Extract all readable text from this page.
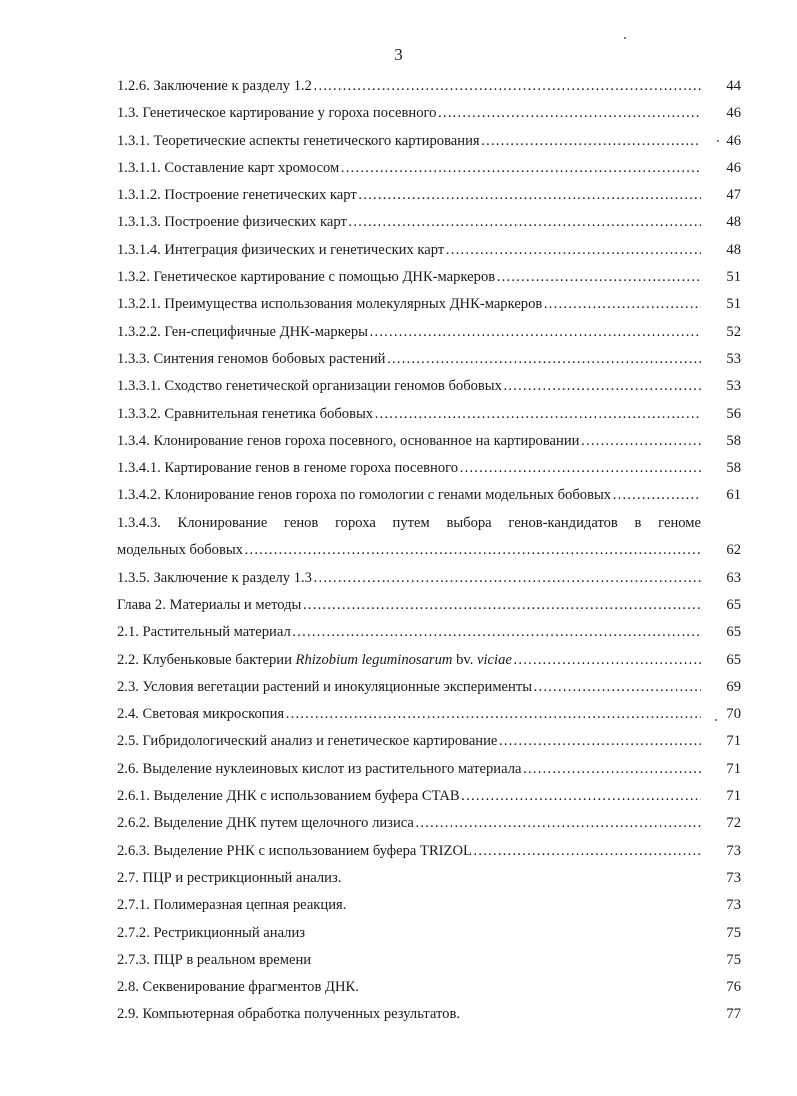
3
1.2.6. Заключение к разделу 1.2 ……………………………………………………………………………………………………………………………………………………………………………	44
1.3. Генетическое картирование у гороха посевного ……………………………………………………………………………………………………………………………………………………………………………	46
1.3.1. Теоретические аспекты генетического картирования ……………………………………………………………………………………………………………………………………………………………………………	46
1.3.1.1. Составление карт хромосом ……………………………………………………………………………………………………………………………………………………………………………	46
1.3.1.2. Построение генетических карт ……………………………………………………………………………………………………………………………………………………………………………	47
1.3.1.3. Построение физических карт ……………………………………………………………………………………………………………………………………………………………………………	48
1.3.1.4. Интеграция физических и генетических карт ……………………………………………………………………………………………………………………………………………………………………………	48
1.3.2. Генетическое картирование с помощью ДНК-маркеров ……………………………………………………………………………………………………………………………………………………………………………	51
1.3.2.1. Преимущества использования молекулярных ДНК-маркеров ……………………………………………………………………………………………………………………………………………………………………………	51
1.3.2.2. Ген-специфичные ДНК-маркеры ……………………………………………………………………………………………………………………………………………………………………………	52
1.3.3. Синтения геномов бобовых растений ……………………………………………………………………………………………………………………………………………………………………………	53
1.3.3.1. Сходство генетической организации геномов бобовых ……………………………………………………………………………………………………………………………………………………………………………	53
1.3.3.2. Сравнительная генетика бобовых ……………………………………………………………………………………………………………………………………………………………………………	56
1.3.4. Клонирование генов гороха посевного, основанное на картировании ……………………………………………………………………………………………………………………………………………………………………………	58
1.3.4.1. Картирование генов в геноме гороха посевного ……………………………………………………………………………………………………………………………………………………………………………	58
1.3.4.2. Клонирование генов гороха по гомологии с генами модельных бобовых ……………………………………………………………………………………………………………………………………………………………………………	61
1.3.4.3. Клонирование генов гороха путем выбора генов-кандидатов в геноме
модельных бобовых ……………………………………………………………………………………………………………………………………………………………………………	62
1.3.5. Заключение к разделу 1.3 ……………………………………………………………………………………………………………………………………………………………………………	63
Глава 2. Материалы и методы ……………………………………………………………………………………………………………………………………………………………………………	65
2.1. Растительный материал ……………………………………………………………………………………………………………………………………………………………………………	65
2.2. Клубеньковые бактерии Rhizobium leguminosarum bv. viciae ……………………………………………………………………………………………………………………………………………………………………………	65
2.3. Условия вегетации растений и инокуляционные эксперименты ……………………………………………………………………………………………………………………………………………………………………………	69
2.4. Световая микроскопия ……………………………………………………………………………………………………………………………………………………………………………	70
2.5. Гибридологический анализ и генетическое картирование ……………………………………………………………………………………………………………………………………………………………………………	71
2.6. Выделение нуклеиновых кислот из растительного материала ……………………………………………………………………………………………………………………………………………………………………………	71
2.6.1. Выделение ДНК с использованием буфера CTAB ……………………………………………………………………………………………………………………………………………………………………………	71
2.6.2. Выделение ДНК путем щелочного лизиса ……………………………………………………………………………………………………………………………………………………………………………	72
2.6.3. Выделение РНК с использованием буфера TRIZOL ……………………………………………………………………………………………………………………………………………………………………………	73
2.7. ПЦР и рестрикционный анализ.	73
2.7.1. Полимеразная цепная реакция.	73
2.7.2. Рестрикционный анализ	75
2.7.3. ПЦР в реальном времени	75
2.8. Секвенирование фрагментов ДНК.	76
2.9. Компьютерная обработка полученных результатов.	77
